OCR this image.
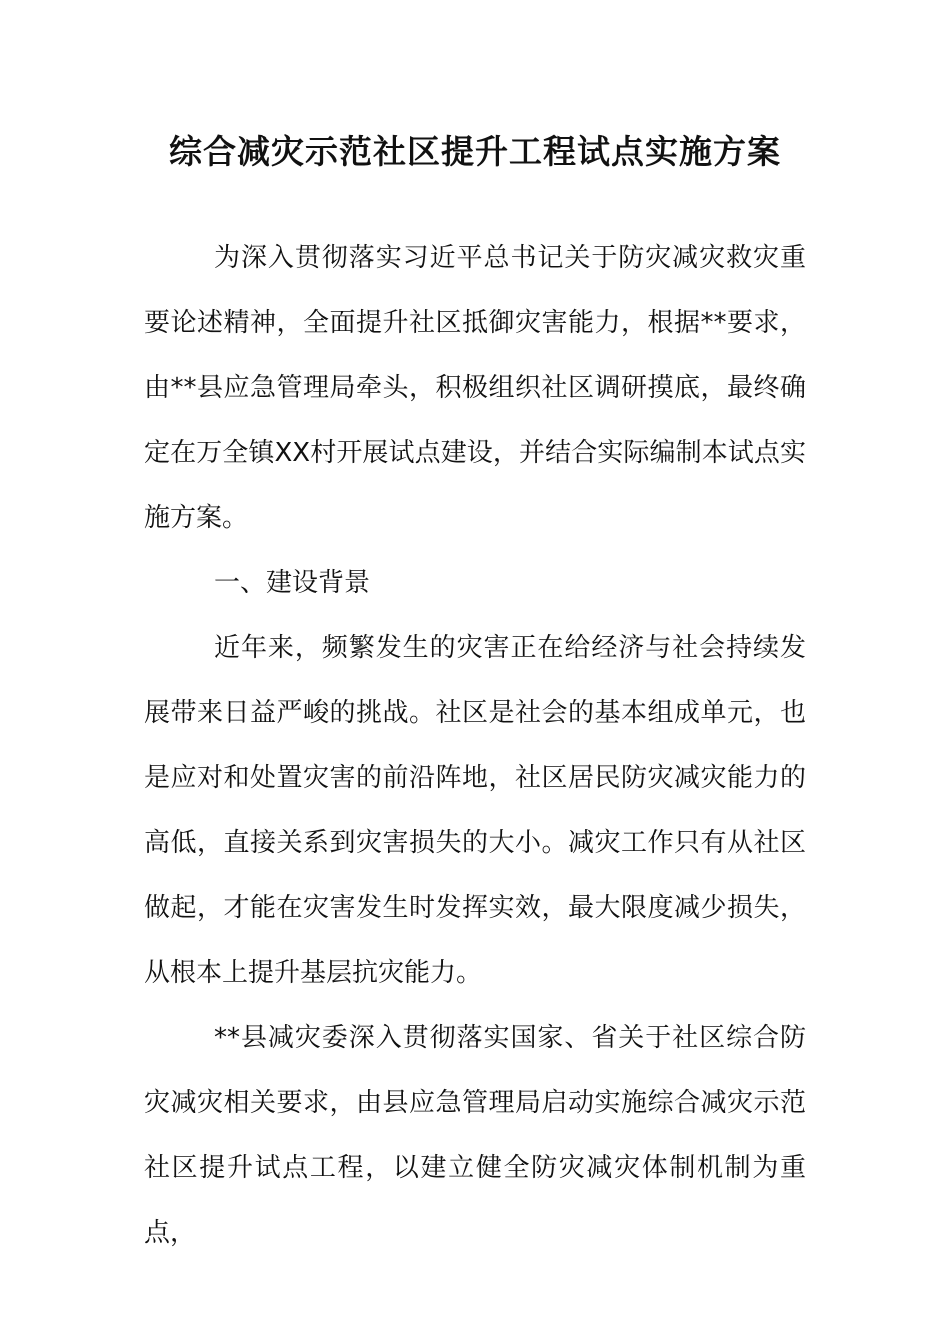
综合减灾示范社区提升工程试点实施方案

为深入贯彻落实习近平总书记关于防灾减灾救灾重要论述精神，全面提升社区抵御灾害能力，根据**要求，由**县应急管理局牵头，积极组织社区调研摸底，最终确定在万全镇XX村开展试点建设，并结合实际编制本试点实施方案。

一、建设背景

近年来，频繁发生的灾害正在给经济与社会持续发展带来日益严峻的挑战。社区是社会的基本组成单元，也是应对和处置灾害的前沿阵地，社区居民防灾减灾能力的高低，直接关系到灾害损失的大小。减灾工作只有从社区做起，才能在灾害发生时发挥实效，最大限度减少损失，从根本上提升基层抗灾能力。

**县减灾委深入贯彻落实国家、省关于社区综合防灾减灾相关要求，由县应急管理局启动实施综合减灾示范社区提升试点工程，以建立健全防灾减灾体制机制为重点，
